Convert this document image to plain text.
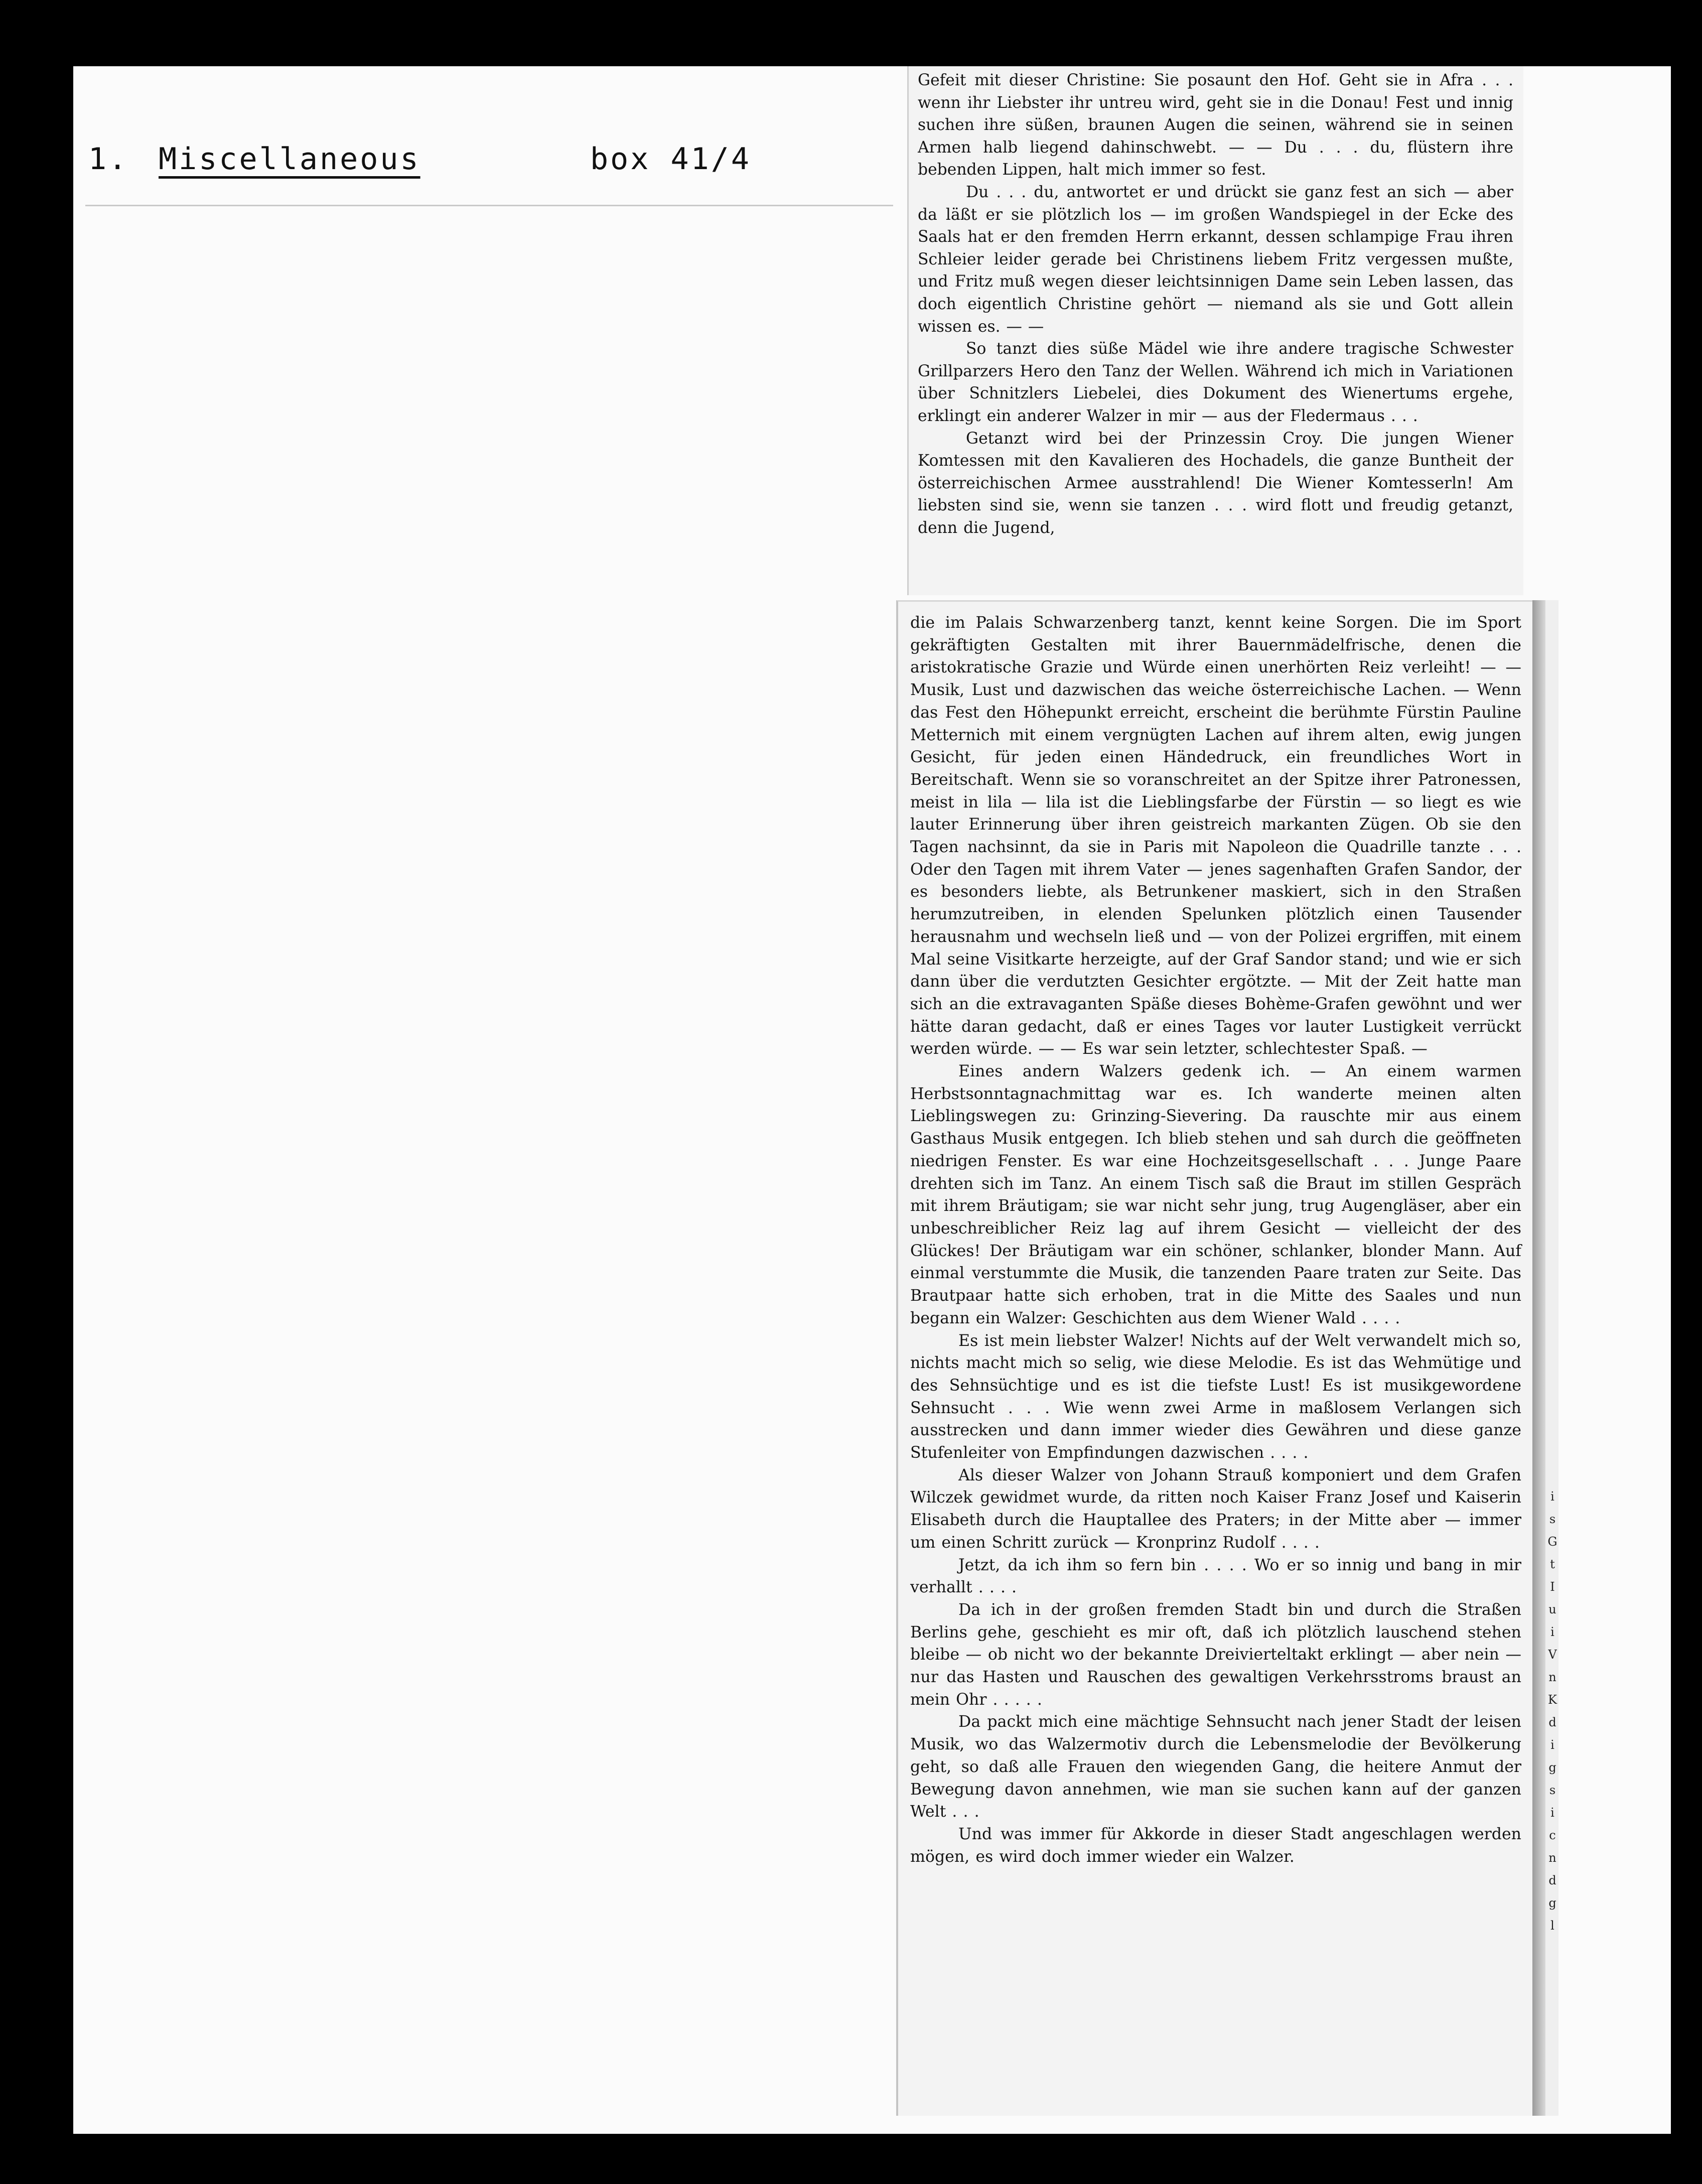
1. Miscellaneous	box 41/4

Gefeit mit dieser Christine: Sie posaunt den Hof. Geht sie in Afra . . . wenn ihr Liebster ihr untreu wird, geht sie in die Donau! Fest und innig suchen ihre süßen, braunen Augen die seinen, während sie in seinen Armen halb liegend dahinschwebt. — — Du . . . du, flüstern ihre bebenden Lippen, halt mich immer so fest.

Du . . . du, antwortet er und drückt sie ganz fest an sich — aber da läßt er sie plötzlich los — im großen Wandspiegel in der Ecke des Saals hat er den fremden Herrn erkannt, dessen schlampige Frau ihren Schleier leider gerade bei Christinens liebem Fritz vergessen mußte, und Fritz muß wegen dieser leichtsinnigen Dame sein Leben lassen, das doch eigentlich Christine gehört — niemand als sie und Gott allein wissen es. — —

So tanzt dies süße Mädel wie ihre andere tragische Schwester Grillparzers Hero den Tanz der Wellen. Während ich mich in Variationen über Schnitzlers Liebelei, dies Dokument des Wienertums ergehe, erklingt ein anderer Walzer in mir — aus der Fledermaus . . .

Getanzt wird bei der Prinzessin Croy. Die jungen Wiener Komtessen mit den Kavalieren des Hochadels, die ganze Buntheit der österreichischen Armee ausstrahlend! Die Wiener Komtesserln! Am liebsten sind sie, wenn sie tanzen . . . wird flott und freudig getanzt, denn die Jugend,

die im Palais Schwarzenberg tanzt, kennt keine Sorgen. Die im Sport gekräftigten Gestalten mit ihrer Bauernmädelfrische, denen die aristokratische Grazie und Würde einen unerhörten Reiz verleiht! — — Musik, Lust und dazwischen das weiche österreichische Lachen. — Wenn das Fest den Höhepunkt erreicht, erscheint die berühmte Fürstin Pauline Metternich mit einem vergnügten Lachen auf ihrem alten, ewig jungen Gesicht, für jeden einen Händedruck, ein freundliches Wort in Bereitschaft. Wenn sie so voranschreitet an der Spitze ihrer Patronessen, meist in lila — lila ist die Lieblingsfarbe der Fürstin — so liegt es wie lauter Erinnerung über ihren geistreich markanten Zügen. Ob sie den Tagen nachsinnt, da sie in Paris mit Napoleon die Quadrille tanzte . . . Oder den Tagen mit ihrem Vater — jenes sagenhaften Grafen Sandor, der es besonders liebte, als Betrunkener maskiert, sich in den Straßen herumzutreiben, in elenden Spelunken plötzlich einen Tausender herausnahm und wechseln ließ und — von der Polizei ergriffen, mit einem Mal seine Visitkarte herzeigte, auf der Graf Sandor stand; und wie er sich dann über die verdutzten Gesichter ergötzte. — Mit der Zeit hatte man sich an die extravaganten Späße dieses Bohème-Grafen gewöhnt und wer hätte daran gedacht, daß er eines Tages vor lauter Lustigkeit verrückt werden würde. — — Es war sein letzter, schlechtester Spaß. —

Eines andern Walzers gedenk ich. — An einem warmen Herbstsonntagnachmittag war es. Ich wanderte meinen alten Lieblingswegen zu: Grinzing-Sievering. Da rauschte mir aus einem Gasthaus Musik entgegen. Ich blieb stehen und sah durch die geöffneten niedrigen Fenster. Es war eine Hochzeitsgesellschaft . . . Junge Paare drehten sich im Tanz. An einem Tisch saß die Braut im stillen Gespräch mit ihrem Bräutigam; sie war nicht sehr jung, trug Augengläser, aber ein unbeschreiblicher Reiz lag auf ihrem Gesicht — vielleicht der des Glückes! Der Bräutigam war ein schöner, schlanker, blonder Mann. Auf einmal verstummte die Musik, die tanzenden Paare traten zur Seite. Das Brautpaar hatte sich erhoben, trat in die Mitte des Saales und nun begann ein Walzer: Geschichten aus dem Wiener Wald . . . .

Es ist mein liebster Walzer! Nichts auf der Welt verwandelt mich so, nichts macht mich so selig, wie diese Melodie. Es ist das Wehmütige und des Sehnsüchtige und es ist die tiefste Lust! Es ist musikgewordene Sehnsucht . . . Wie wenn zwei Arme in maßlosem Verlangen sich ausstrecken und dann immer wieder dies Gewähren und diese ganze Stufenleiter von Empfindungen dazwischen . . . .

Als dieser Walzer von Johann Strauß komponiert und dem Grafen Wilczek gewidmet wurde, da ritten noch Kaiser Franz Josef und Kaiserin Elisabeth durch die Hauptallee des Praters; in der Mitte aber — immer um einen Schritt zurück — Kronprinz Rudolf . . . .

Jetzt, da ich ihm so fern bin . . . . Wo er so innig und bang in mir verhallt . . . .

Da ich in der großen fremden Stadt bin und durch die Straßen Berlins gehe, geschieht es mir oft, daß ich plötzlich lauschend stehen bleibe — ob nicht wo der bekannte Dreivierteltakt erklingt — aber nein — nur das Hasten und Rauschen des gewaltigen Verkehrsstroms braust an mein Ohr . . . . .

Da packt mich eine mächtige Sehnsucht nach jener Stadt der leisen Musik, wo das Walzermotiv durch die Lebensmelodie der Bevölkerung geht, so daß alle Frauen den wiegenden Gang, die heitere Anmut der Bewegung davon annehmen, wie man sie suchen kann auf der ganzen Welt . . .

Und was immer für Akkorde in dieser Stadt angeschlagen werden mögen, es wird doch immer wieder ein Walzer.

i s G t I u i V n K d i g s i c n d g l
